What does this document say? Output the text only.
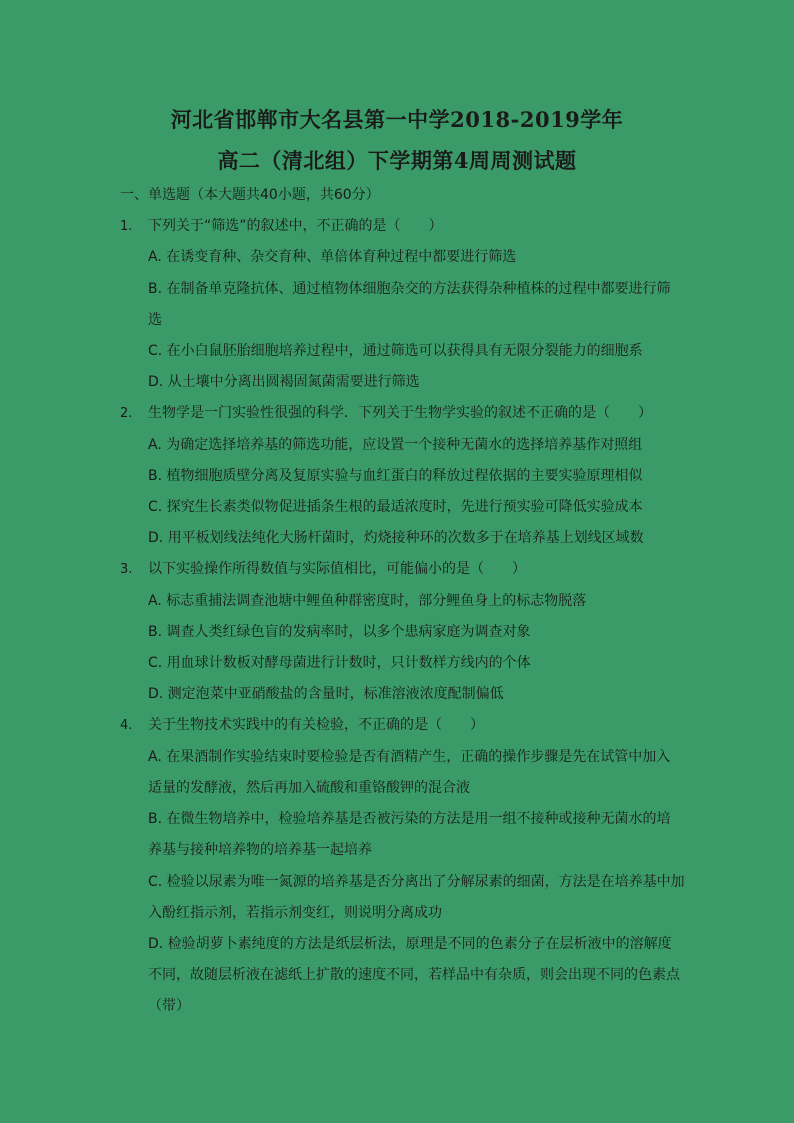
河北省邯郸市大名县第一中学2018-2019学年
高二（清北组）下学期第4周周测试题
一、单选题（本大题共40小题，共60分）
1. 下列关于“筛选”的叙述中，不正确的是（　　）
A. 在诱变育种、杂交育种、单倍体育种过程中都要进行筛选
B. 在制备单克隆抗体、通过植物体细胞杂交的方法获得杂种植株的过程中都要进行筛
选
C. 在小白鼠胚胎细胞培养过程中，通过筛选可以获得具有无限分裂能力的细胞系
D. 从土壤中分离出圆褐固氮菌需要进行筛选
2. 生物学是一门实验性很强的科学．下列关于生物学实验的叙述不正确的是（　　）
A. 为确定选择培养基的筛选功能，应设置一个接种无菌水的选择培养基作对照组
B. 植物细胞质壁分离及复原实验与血红蛋白的释放过程依据的主要实验原理相似
C. 探究生长素类似物促进插条生根的最适浓度时，先进行预实验可降低实验成本
D. 用平板划线法纯化大肠杆菌时，灼烧接种环的次数多于在培养基上划线区域数
3. 以下实验操作所得数值与实际值相比，可能偏小的是（　　）
A. 标志重捕法调查池塘中鲤鱼种群密度时，部分鲤鱼身上的标志物脱落
B. 调查人类红绿色盲的发病率时，以多个患病家庭为调查对象
C. 用血球计数板对酵母菌进行计数时，只计数样方线内的个体
D. 测定泡菜中亚硝酸盐的含量时，标准溶液浓度配制偏低
4. 关于生物技术实践中的有关检验，不正确的是（　　）
A. 在果酒制作实验结束时要检验是否有酒精产生，正确的操作步骤是先在试管中加入
适量的发酵液，然后再加入硫酸和重铬酸钾的混合液
B. 在微生物培养中，检验培养基是否被污染的方法是用一组不接种或接种无菌水的培
养基与接种培养物的培养基一起培养
C. 检验以尿素为唯一氮源的培养基是否分离出了分解尿素的细菌，方法是在培养基中加
入酚红指示剂，若指示剂变红，则说明分离成功
D. 检验胡萝卜素纯度的方法是纸层析法，原理是不同的色素分子在层析液中的溶解度
不同，故随层析液在滤纸上扩散的速度不同，若样品中有杂质，则会出现不同的色素点
（带）
